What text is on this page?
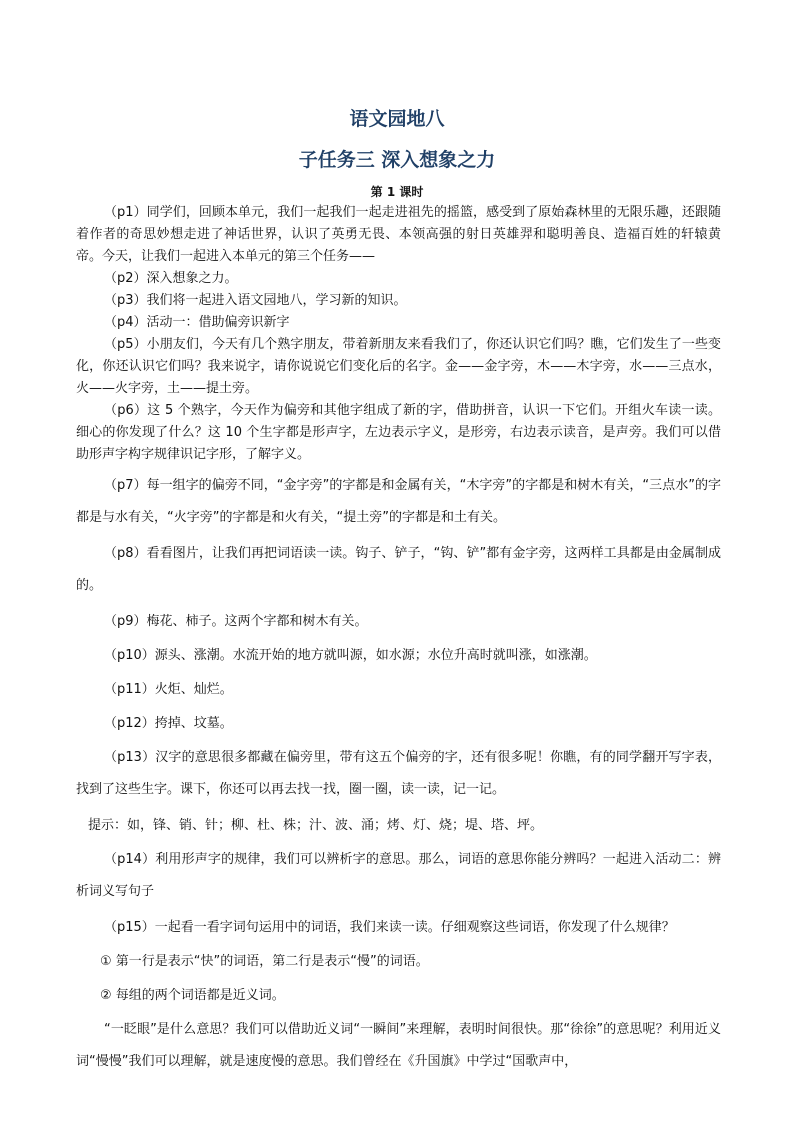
语文园地八
子任务三 深入想象之力
第 1 课时

（p1）同学们，回顾本单元，我们一起我们一起走进祖先的摇篮，感受到了原始森林里的无限乐趣，还跟随着作者的奇思妙想走进了神话世界，认识了英勇无畏、本领高强的射日英雄羿和聪明善良、造福百姓的轩辕黄帝。今天，让我们一起进入本单元的第三个任务——

（p2）深入想象之力。

（p3）我们将一起进入语文园地八，学习新的知识。

（p4）活动一：借助偏旁识新字

（p5）小朋友们，今天有几个熟字朋友，带着新朋友来看我们了，你还认识它们吗？瞧，它们发生了一些变化，你还认识它们吗？我来说字，请你说说它们变化后的名字。金——金字旁，木——木字旁，水——三点水，火——火字旁，土——提土旁。

（p6）这 5 个熟字，今天作为偏旁和其他字组成了新的字，借助拼音，认识一下它们。开组火车读一读。细心的你发现了什么？这 10 个生字都是形声字，左边表示字义，是形旁，右边表示读音，是声旁。我们可以借助形声字构字规律识记字形，了解字义。

（p7）每一组字的偏旁不同，“金字旁”的字都是和金属有关，“木字旁”的字都是和树木有关，“三点水”的字都是与水有关，“火字旁”的字都是和火有关，“提土旁”的字都是和土有关。

（p8）看看图片，让我们再把词语读一读。钩子、铲子，“钩、铲”都有金字旁，这两样工具都是由金属制成的。

（p9）梅花、柿子。这两个字都和树木有关。

（p10）源头、涨潮。水流开始的地方就叫源，如水源；水位升高时就叫涨，如涨潮。

（p11）火炬、灿烂。

（p12）挎掉、坟墓。

（p13）汉字的意思很多都藏在偏旁里，带有这五个偏旁的字，还有很多呢！你瞧，有的同学翻开写字表，找到了这些生字。课下，你还可以再去找一找，圈一圈，读一读，记一记。

提示：如，锋、销、针；柳、杜、株；汁、波、涌；烤、灯、烧；堤、塔、坪。

（p14）利用形声字的规律，我们可以辨析字的意思。那么，词语的意思你能分辨吗？一起进入活动二：辨析词义写句子

（p15）一起看一看字词句运用中的词语，我们来读一读。仔细观察这些词语，你发现了什么规律？

① 第一行是表示“快”的词语，第二行是表示“慢”的词语。

② 每组的两个词语都是近义词。

“一眨眼”是什么意思？我们可以借助近义词“一瞬间”来理解，表明时间很快。那“徐徐”的意思呢？利用近义词“慢慢”我们可以理解，就是速度慢的意思。我们曾经在《升国旗》中学过“国歌声中，
